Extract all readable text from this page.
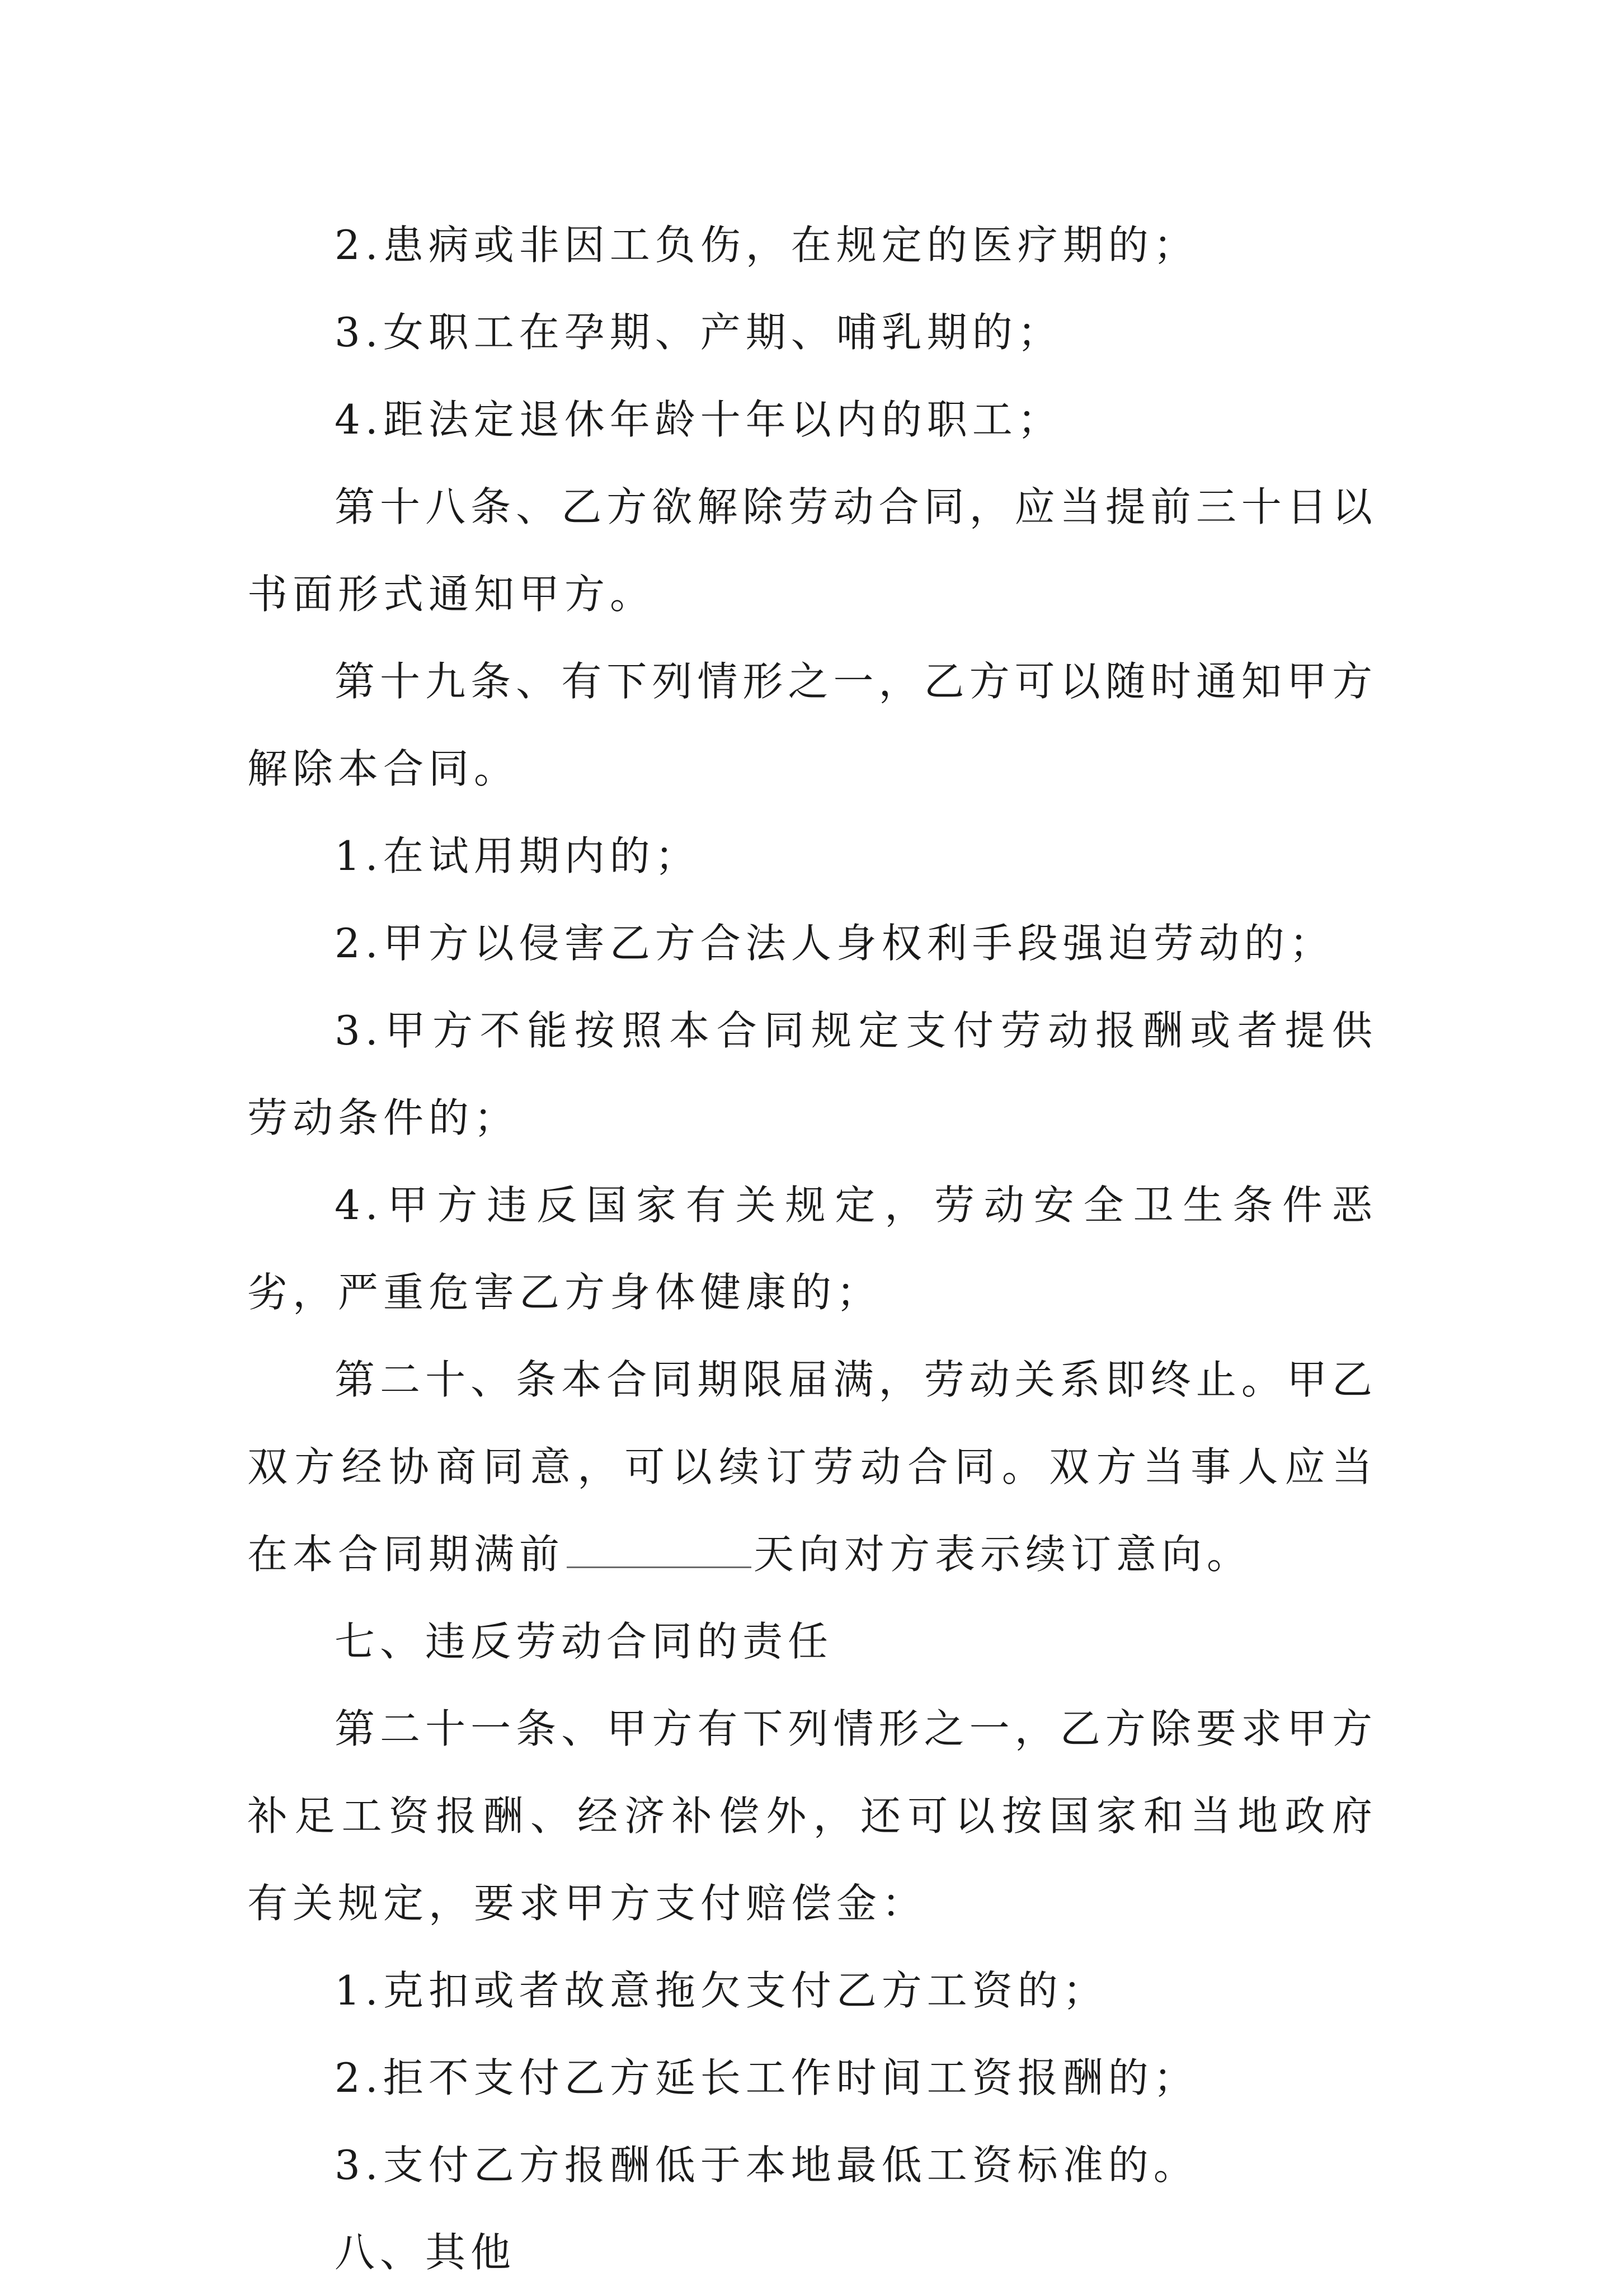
2.患病或非因工负伤，在规定的医疗期的；

3.女职工在孕期、产期、哺乳期的；

4.距法定退休年龄十年以内的职工；

第十八条、乙方欲解除劳动合同，应当提前三十日以书面形式通知甲方。

第十九条、有下列情形之一，乙方可以随时通知甲方解除本合同。

1.在试用期内的；

2.甲方以侵害乙方合法人身权利手段强迫劳动的；

3.甲方不能按照本合同规定支付劳动报酬或者提供劳动条件的；

4.甲方违反国家有关规定，劳动安全卫生条件恶劣，严重危害乙方身体健康的；

第二十、条本合同期限届满，劳动关系即终止。甲乙双方经协商同意，可以续订劳动合同。双方当事人应当在本合同期满前	天向对方表示续订意向。

七、违反劳动合同的责任

第二十一条、甲方有下列情形之一，乙方除要求甲方补足工资报酬、经济补偿外，还可以按国家和当地政府有关规定，要求甲方支付赔偿金：

1.克扣或者故意拖欠支付乙方工资的；

2.拒不支付乙方延长工作时间工资报酬的；

3.支付乙方报酬低于本地最低工资标准的。

八、其他
